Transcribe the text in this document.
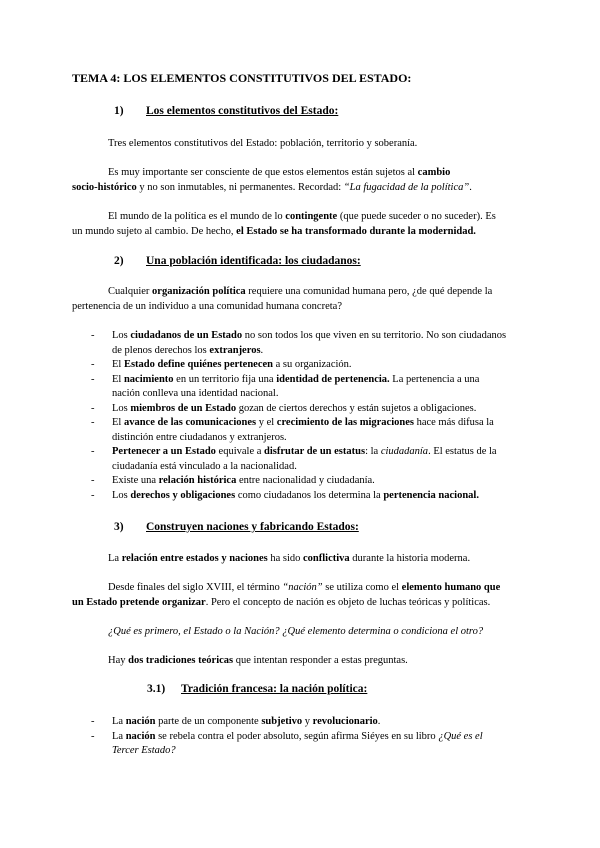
TEMA 4: LOS ELEMENTOS CONSTITUTIVOS DEL ESTADO:
1) Los elementos constitutivos del Estado:
Tres elementos constitutivos del Estado: población, territorio y soberanía.
Es muy importante ser consciente de que estos elementos están sujetos al cambio
socio-histórico y no son inmutables, ni permanentes. Recordad: “La fugacidad de la política”.
El mundo de la política es el mundo de lo contingente (que puede suceder o no suceder). Es
un mundo sujeto al cambio. De hecho, el Estado se ha transformado durante la modernidad.
2) Una población identificada: los ciudadanos:
Cualquier organización política requiere una comunidad humana pero, ¿de qué depende la
pertenencia de un individuo a una comunidad humana concreta?
-	Los ciudadanos de un Estado no son todos los que viven en su territorio. No son ciudadanos
de plenos derechos los extranjeros.
-	El Estado define quiénes pertenecen a su organización.
-	El nacimiento en un territorio fija una identidad de pertenencia. La pertenencia a una
nación conlleva una identidad nacional.
-	Los miembros de un Estado gozan de ciertos derechos y están sujetos a obligaciones.
-	El avance de las comunicaciones y el crecimiento de las migraciones hace más difusa la
distinción entre ciudadanos y extranjeros.
-	Pertenecer a un Estado equivale a disfrutar de un estatus: la ciudadanía. El estatus de la
ciudadanía está vinculado a la nacionalidad.
-	Existe una relación histórica entre nacionalidad y ciudadanía.
-	Los derechos y obligaciones como ciudadanos los determina la pertenencia nacional.
3) Construyen naciones y fabricando Estados:
La relación entre estados y naciones ha sido conflictiva durante la historia moderna.
Desde finales del siglo XVIII, el término “nación” se utiliza como el elemento humano que
un Estado pretende organizar. Pero el concepto de nación es objeto de luchas teóricas y políticas.
¿Qué es primero, el Estado o la Nación? ¿Qué elemento determina o condiciona el otro?
Hay dos tradiciones teóricas que intentan responder a estas preguntas.
3.1) Tradición francesa: la nación política:
-	La nación parte de un componente subjetivo y revolucionario.
-	La nación se rebela contra el poder absoluto, según afirma Siéyes en su libro ¿Qué es el
Tercer Estado?
